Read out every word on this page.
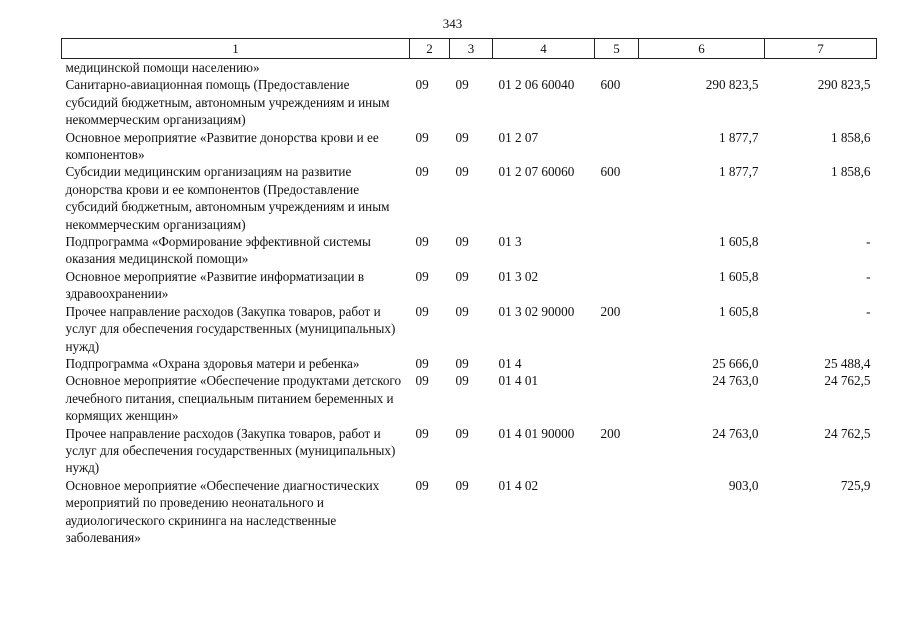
343
1	2	3	4	5	6	7
медицинской помощи населению»						
Санитарно-авиационная помощь (Предоставление субсидий бюджетным, автономным учреждениям и иным некоммерческим организациям)	09	09	01 2 06 60040	600	290 823,5	290 823,5
Основное мероприятие «Развитие донорства крови и ее компонентов»	09	09	01 2 07		1 877,7	1 858,6
Субсидии медицинским организациям на развитие донорства крови и ее компонентов (Предоставление субсидий бюджетным, автономным учреждениям и иным некоммерческим организациям)	09	09	01 2 07 60060	600	1 877,7	1 858,6
Подпрограмма «Формирование эффективной системы оказания медицинской помощи»	09	09	01 3		1 605,8	-
Основное мероприятие «Развитие информатизации в здравоохранении»	09	09	01 3 02		1 605,8	-
Прочее направление расходов (Закупка товаров, работ и услуг для обеспечения государственных (муниципальных) нужд)	09	09	01 3 02 90000	200	1 605,8	-
Подпрограмма «Охрана здоровья матери и ребенка»	09	09	01 4		25 666,0	25 488,4
Основное мероприятие «Обеспечение продуктами детского лечебного питания, специальным питанием беременных и кормящих женщин»	09	09	01 4 01		24 763,0	24 762,5
Прочее направление расходов (Закупка товаров, работ и услуг для обеспечения государственных (муниципальных) нужд)	09	09	01 4 01 90000	200	24 763,0	24 762,5
Основное мероприятие «Обеспечение диагностических мероприятий по проведению неонатального и аудиологического скрининга на наследственные заболевания»	09	09	01 4 02		903,0	725,9
